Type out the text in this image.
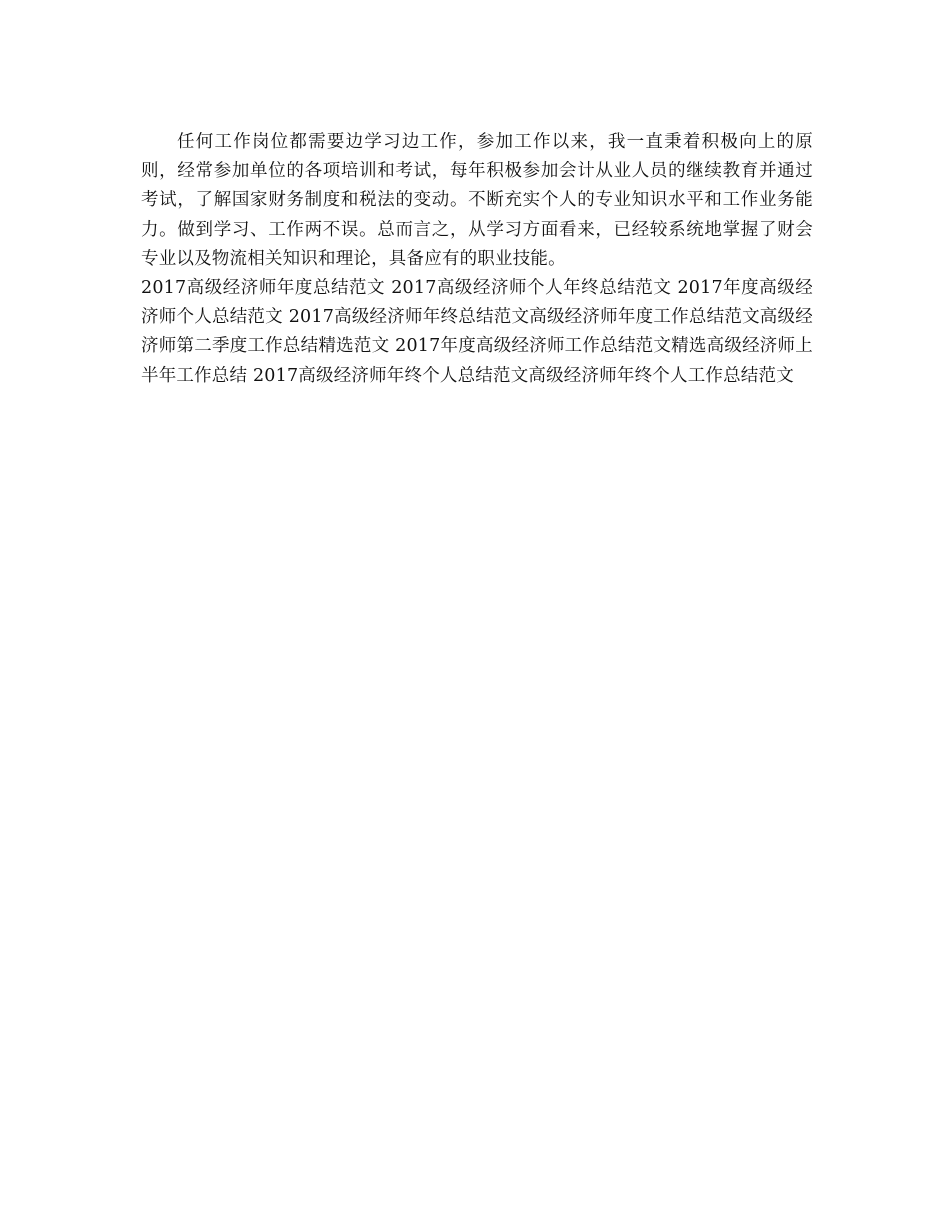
任何工作岗位都需要边学习边工作，参加工作以来，我一直秉着积极向上的原则，经常参加单位的各项培训和考试，每年积极参加会计从业人员的继续教育并通过考试，了解国家财务制度和税法的变动。不断充实个人的专业知识水平和工作业务能力。做到学习、工作两不误。总而言之，从学习方面看来，已经较系统地掌握了财会专业以及物流相关知识和理论，具备应有的职业技能。

2017高级经济师年度总结范文 2017高级经济师个人年终总结范文 2017年度高级经济师个人总结范文 2017高级经济师年终总结范文高级经济师年度工作总结范文高级经济师第二季度工作总结精选范文 2017年度高级经济师工作总结范文精选高级经济师上半年工作总结 2017高级经济师年终个人总结范文高级经济师年终个人工作总结范文
